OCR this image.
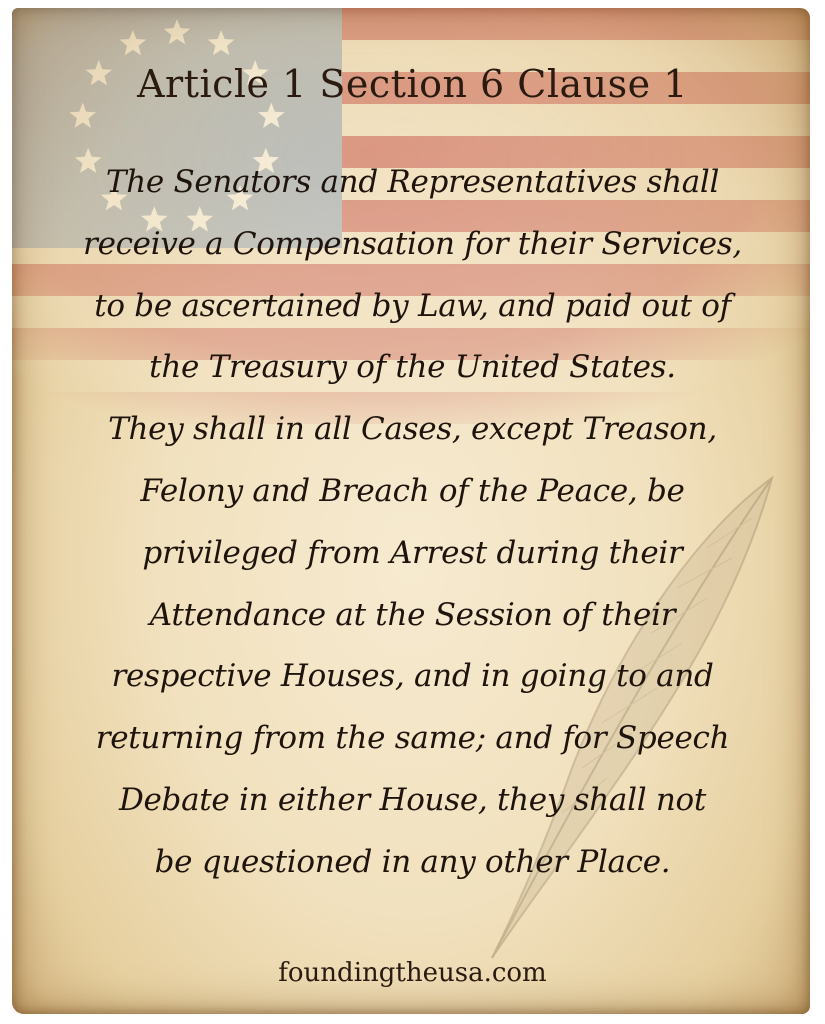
Article 1 Section 6 Clause 1
The Senators and Representatives shall
receive a Compensation for their Services,
to be ascertained by Law, and paid out of
the Treasury of the United States.
They shall in all Cases, except Treason,
Felony and Breach of the Peace, be
privileged from Arrest during their
Attendance at the Session of their
respective Houses, and in going to and
returning from the same; and for Speech
Debate in either House, they shall not
be questioned in any other Place.
foundingtheusa.com
